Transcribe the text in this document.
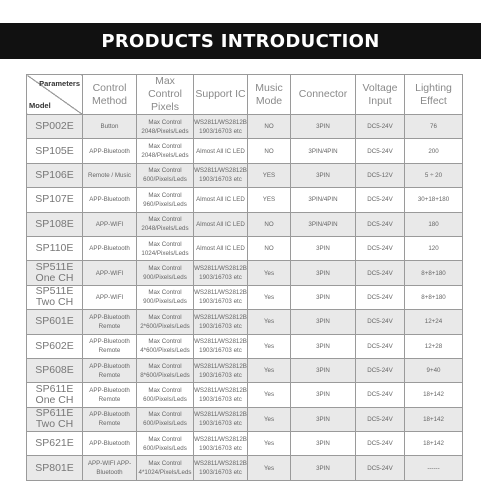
PRODUCTS INTRODUCTION
Parameters
Model	Control Method	Max Control Pixels	Support IC	Music Mode	Connector	Voltage Input	Lighting Effect
SP002E	Button	Max Control 2048/Pixels/Leds	WS2811/WS2812B 1903/16703 etc	NO	3PIN	DC5-24V	76
SP105E	APP-Bluetooth	Max Control 2048/Pixels/Leds	Almost All IC LED	NO	3PIN/4PIN	DC5-24V	200
SP106E	Remote / Music	Max Control 600/Pixels/Leds	WS2811/WS2812B 1903/16703 etc	YES	3PIN	DC5-12V	5 ÷ 20
SP107E	APP-Bluetooth	Max Control 960/Pixels/Leds	Almost All IC LED	YES	3PIN/4PIN	DC5-24V	30+18+180
SP108E	APP-WIFI	Max Control 2048/Pixels/Leds	Almost All IC LED	NO	3PIN/4PIN	DC5-24V	180
SP110E	APP-Bluetooth	Max Control 1024/Pixels/Leds	Almost All IC LED	NO	3PIN	DC5-24V	120
SP511E One CH	APP-WIFI	Max Control 900/Pixels/Leds	WS2811/WS2812B 1903/16703 etc	Yes	3PIN	DC5-24V	8+8+180
SP511E Two CH	APP-WIFI	Max Control 900/Pixels/Leds	WS2811/WS2812B 1903/16703 etc	Yes	3PIN	DC5-24V	8+8+180
SP601E	APP-Bluetooth Remote	Max Control 2*600/Pixels/Leds	WS2811/WS2812B 1903/16703 etc	Yes	3PIN	DC5-24V	12+24
SP602E	APP-Bluetooth Remote	Max Control 4*600/Pixels/Leds	WS2811/WS2812B 1903/16703 etc	Yes	3PIN	DC5-24V	12+28
SP608E	APP-Bluetooth Remote	Max Control 8*600/Pixels/Leds	WS2811/WS2812B 1903/16703 etc	Yes	3PIN	DC5-24V	9+40
SP611E One CH	APP-Bluetooth Remote	Max Control 600/Pixels/Leds	WS2811/WS2812B 1903/16703 etc	Yes	3PIN	DC5-24V	18+142
SP611E Two CH	APP-Bluetooth Remote	Max Control 600/Pixels/Leds	WS2811/WS2812B 1903/16703 etc	Yes	3PIN	DC5-24V	18+142
SP621E	APP-Bluetooth	Max Control 600/Pixels/Leds	WS2811/WS2812B 1903/16703 etc	Yes	3PIN	DC5-24V	18+142
SP801E	APP-WIFI APP-Bluetooth	Max Control 4*1024/Pixels/Leds	WS2811/WS2812B 1903/16703 etc	Yes	3PIN	DC5-24V	------
